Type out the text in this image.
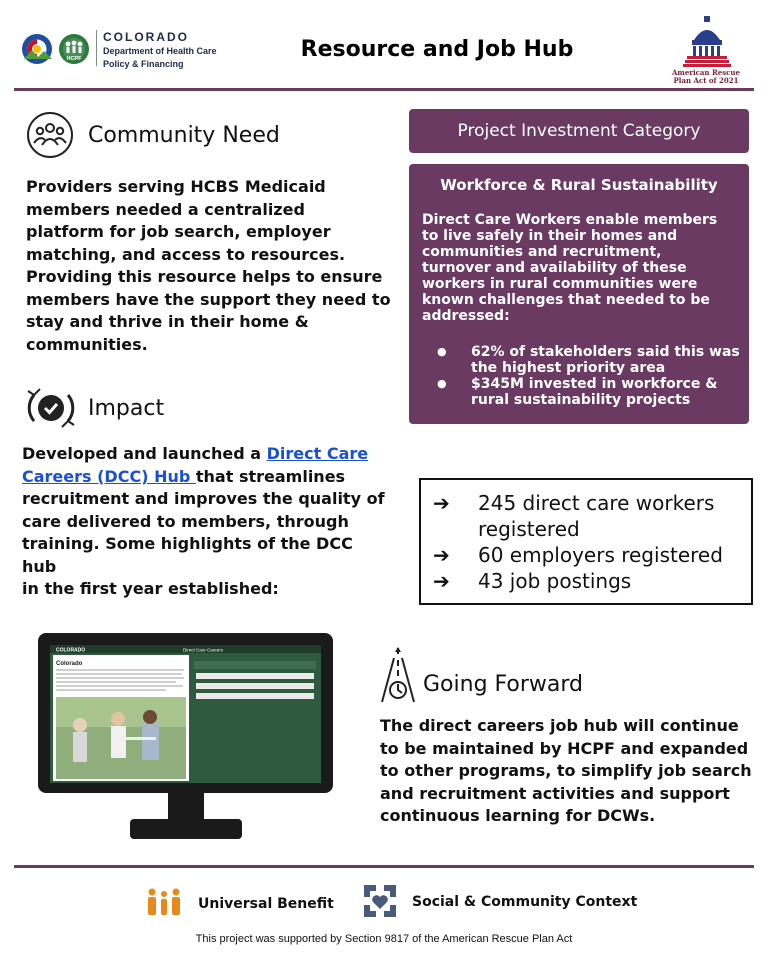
HCPF
COLORADO
Department of Health Care
Policy & Financing
Resource and Job Hub
American Rescue
Plan Act of 2021
Community Need
Providers serving HCBS Medicaid
members needed a centralized
platform for job search, employer
matching, and access to resources.
Providing this resource helps to ensure
members have the support they need to
stay and thrive in their home &
communities.
Impact
Developed and launched a Direct Care
Careers (DCC) Hub that streamlines
recruitment and improves the quality of
care delivered to members, through
training. Some highlights of the DCC hub
in the first year established:
Project Investment Category
Workforce & Rural Sustainability
Direct Care Workers enable members
to live safely in their homes and
communities and recruitment,
turnover and availability of these
workers in rural communities were
known challenges that needed to be
addressed:
● 62% of stakeholders said this was
the highest priority area
● $345M invested in workforce &
rural sustainability projects
➔ 245 direct care workers
registered
➔ 60 employers registered
➔ 43 job postings
COLORADO	Direct Care Careers
Colorado
Going Forward
The direct careers job hub will continue
to be maintained by HCPF and expanded
to other programs, to simplify job search
and recruitment activities and support
continuous learning for DCWs.
Universal Benefit	Social & Community Context
This project was supported by Section 9817 of the American Rescue Plan Act
